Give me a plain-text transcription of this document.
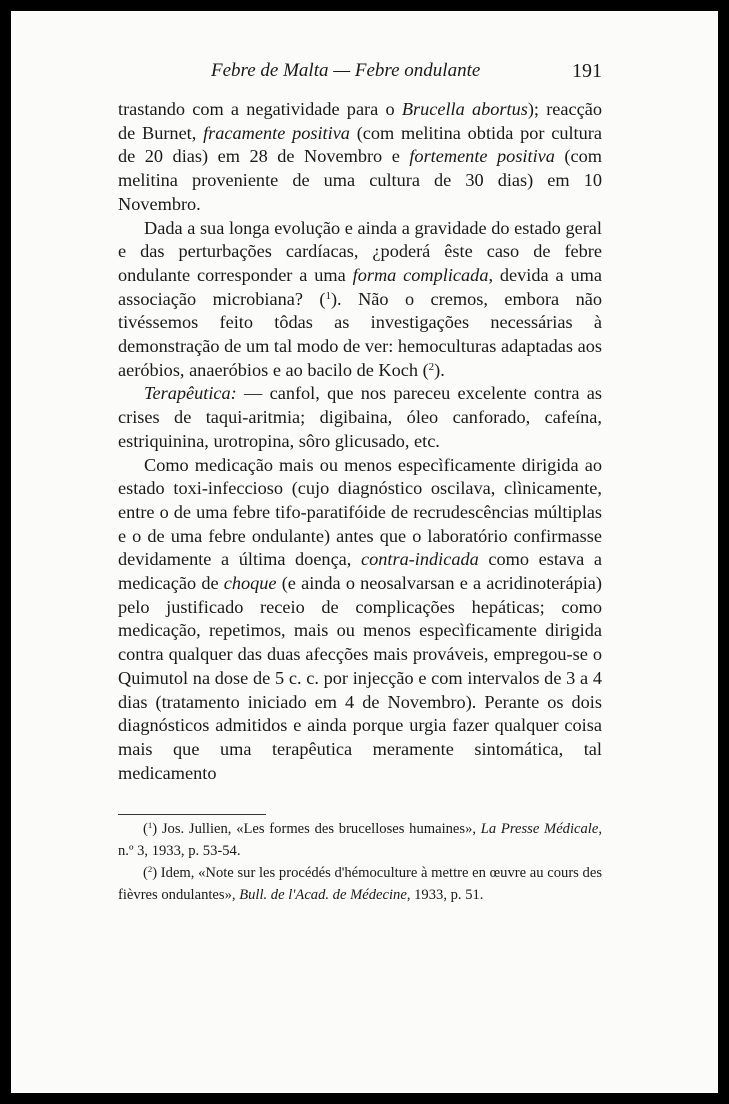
Febre de Malta — Febre ondulante	191

trastando com a negatividade para o Brucella abortus); reacção de Burnet, fracamente positiva (com melitina obtida por cultura de 20 dias) em 28 de Novembro e fortemente positiva (com melitina proveniente de uma cultura de 30 dias) em 10 Novembro.

Dada a sua longa evolução e ainda a gravidade do estado geral e das perturbações cardíacas, ¿poderá êste caso de febre ondulante corresponder a uma forma complicada, devida a uma associação microbiana? ($^1$). Não o cremos, embora não tivéssemos feito tôdas as investigações necessárias à demonstração de um tal modo de ver: hemoculturas adaptadas aos aeróbios, anaeróbios e ao bacilo de Koch ($^2$).

Terapêutica: — canfol, que nos pareceu excelente contra as crises de taqui-aritmia; digibaina, óleo canforado, cafeína, estriquinina, urotropina, sôro glicusado, etc.

Como medicação mais ou menos especìficamente dirigida ao estado toxi-infeccioso (cujo diagnóstico oscilava, clìnicamente, entre o de uma febre tifo-paratifóide de recrudescências múltiplas e o de uma febre ondulante) antes que o laboratório confirmasse devidamente a última doença, contra-indicada como estava a medicação de choque (e ainda o neosalvarsan e a acridinoterápia) pelo justificado receio de complicações hepáticas; como medicação, repetimos, mais ou menos especìficamente dirigida contra qualquer das duas afecções mais prováveis, empregou-se o Quimutol na dose de 5 c. c. por injecção e com intervalos de 3 a 4 dias (tratamento iniciado em 4 de Novembro). Perante os dois diagnósticos admitidos e ainda porque urgia fazer qualquer coisa mais que uma terapêutica meramente sintomática, tal medicamento

($^1$) Jos. Jullien, «Les formes des brucelloses humaines», La Presse Médicale, n.º 3, 1933, p. 53-54.

($^2$) Idem, «Note sur les procédés d'hémoculture à mettre en œuvre au cours des fièvres ondulantes», Bull. de l'Acad. de Médecine, 1933, p. 51.
